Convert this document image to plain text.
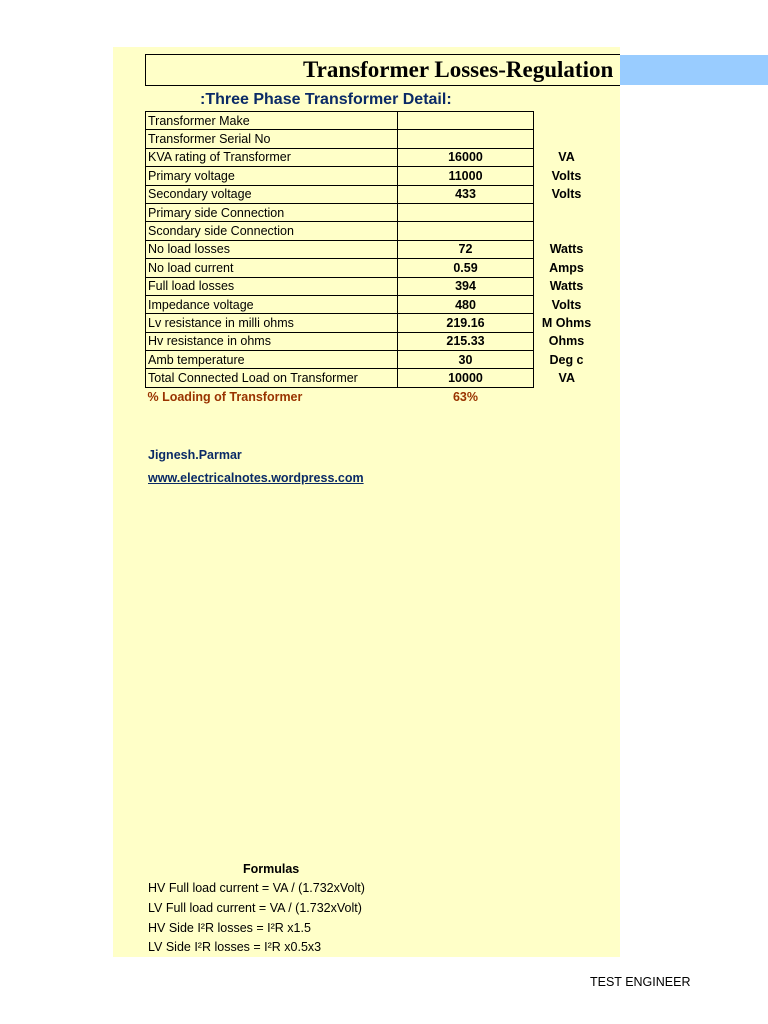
Transformer Losses-Regulation
:Three Phase Transformer Detail:
Transformer Make		
Transformer Serial No		
KVA rating of Transformer	16000	VA
Primary voltage	11000	Volts
Secondary voltage	433	Volts
Primary side Connection		
Scondary side Connection		
No load losses	72	Watts
No load current	0.59	Amps
Full load losses	394	Watts
Impedance voltage	480	Volts
Lv resistance in milli ohms	219.16	M Ohms
Hv resistance in ohms	215.33	Ohms
Amb temperature	30	Deg c
Total Connected Load on Transformer	10000	VA
% Loading of Transformer	63%	
Jignesh.Parmar
www.electricalnotes.wordpress.com
Formulas
HV Full load current = VA / (1.732xVolt)
LV Full load current = VA / (1.732xVolt)
HV Side I²R losses = I²R x1.5
LV Side I²R losses = I²R x0.5x3
TEST ENGINEER
